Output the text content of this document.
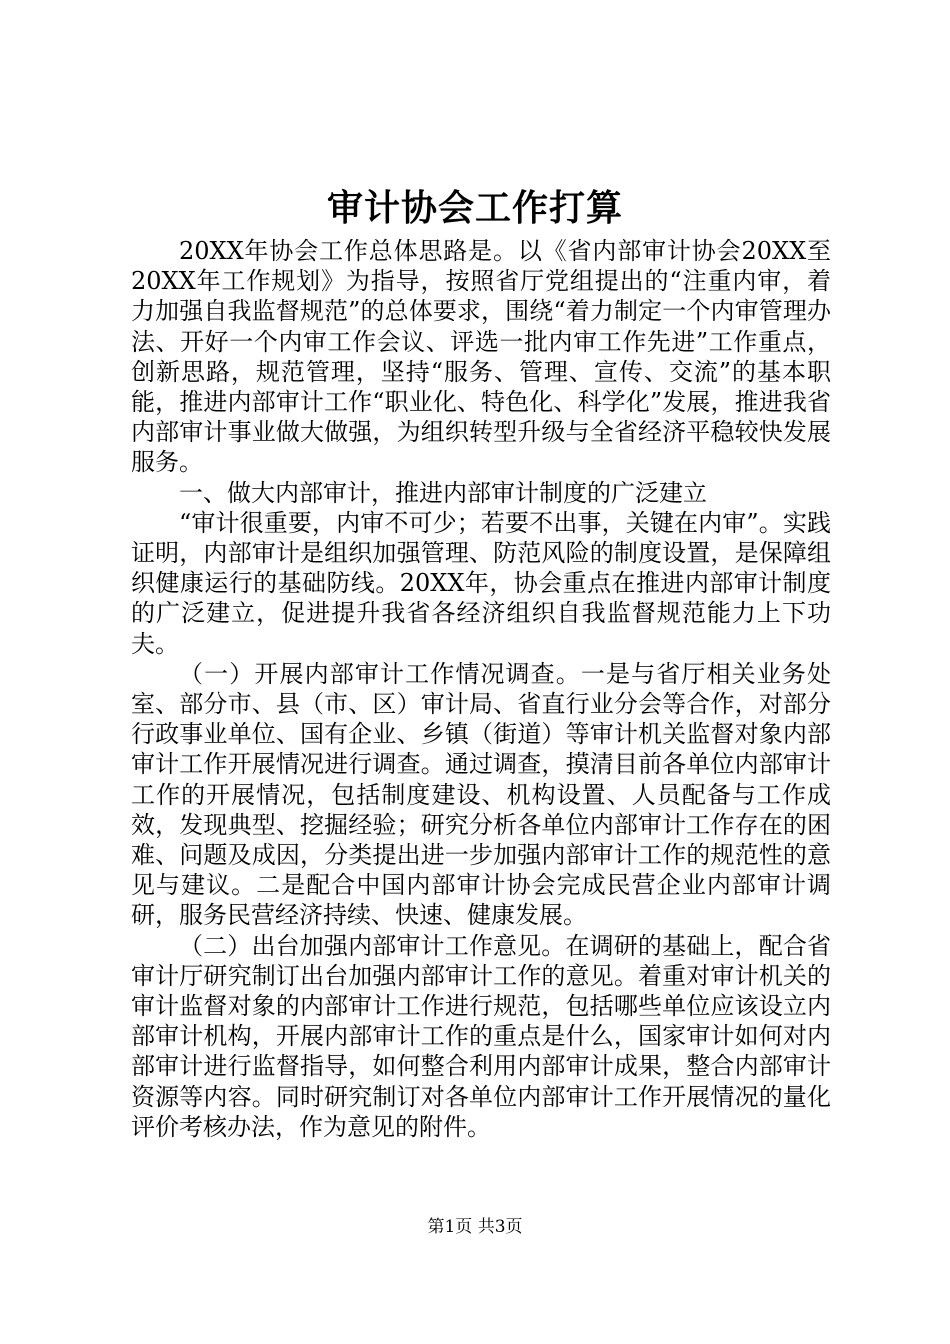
审计协会工作打算

20XX年协会工作总体思路是。以《省内部审计协会20XX至20XX年工作规划》为指导，按照省厅党组提出的“注重内审，着力加强自我监督规范”的总体要求，围绕“着力制定一个内审管理办法、开好一个内审工作会议、评选一批内审工作先进”工作重点，创新思路，规范管理，坚持“服务、管理、宣传、交流”的基本职能，推进内部审计工作“职业化、特色化、科学化”发展，推进我省内部审计事业做大做强，为组织转型升级与全省经济平稳较快发展服务。

一、做大内部审计，推进内部审计制度的广泛建立

“审计很重要，内审不可少；若要不出事，关键在内审”。实践证明，内部审计是组织加强管理、防范风险的制度设置，是保障组织健康运行的基础防线。20XX年，协会重点在推进内部审计制度的广泛建立，促进提升我省各经济组织自我监督规范能力上下功夫。

（一）开展内部审计工作情况调查。一是与省厅相关业务处室、部分市、县（市、区）审计局、省直行业分会等合作，对部分行政事业单位、国有企业、乡镇（街道）等审计机关监督对象内部审计工作开展情况进行调查。通过调查，摸清目前各单位内部审计工作的开展情况，包括制度建设、机构设置、人员配备与工作成效，发现典型、挖掘经验；研究分析各单位内部审计工作存在的困难、问题及成因，分类提出进一步加强内部审计工作的规范性的意见与建议。二是配合中国内部审计协会完成民营企业内部审计调研，服务民营经济持续、快速、健康发展。

（二）出台加强内部审计工作意见。在调研的基础上，配合省审计厅研究制订出台加强内部审计工作的意见。着重对审计机关的审计监督对象的内部审计工作进行规范，包括哪些单位应该设立内部审计机构，开展内部审计工作的重点是什么，国家审计如何对内部审计进行监督指导，如何整合利用内部审计成果，整合内部审计资源等内容。同时研究制订对各单位内部审计工作开展情况的量化评价考核办法，作为意见的附件。

第1页 共3页
